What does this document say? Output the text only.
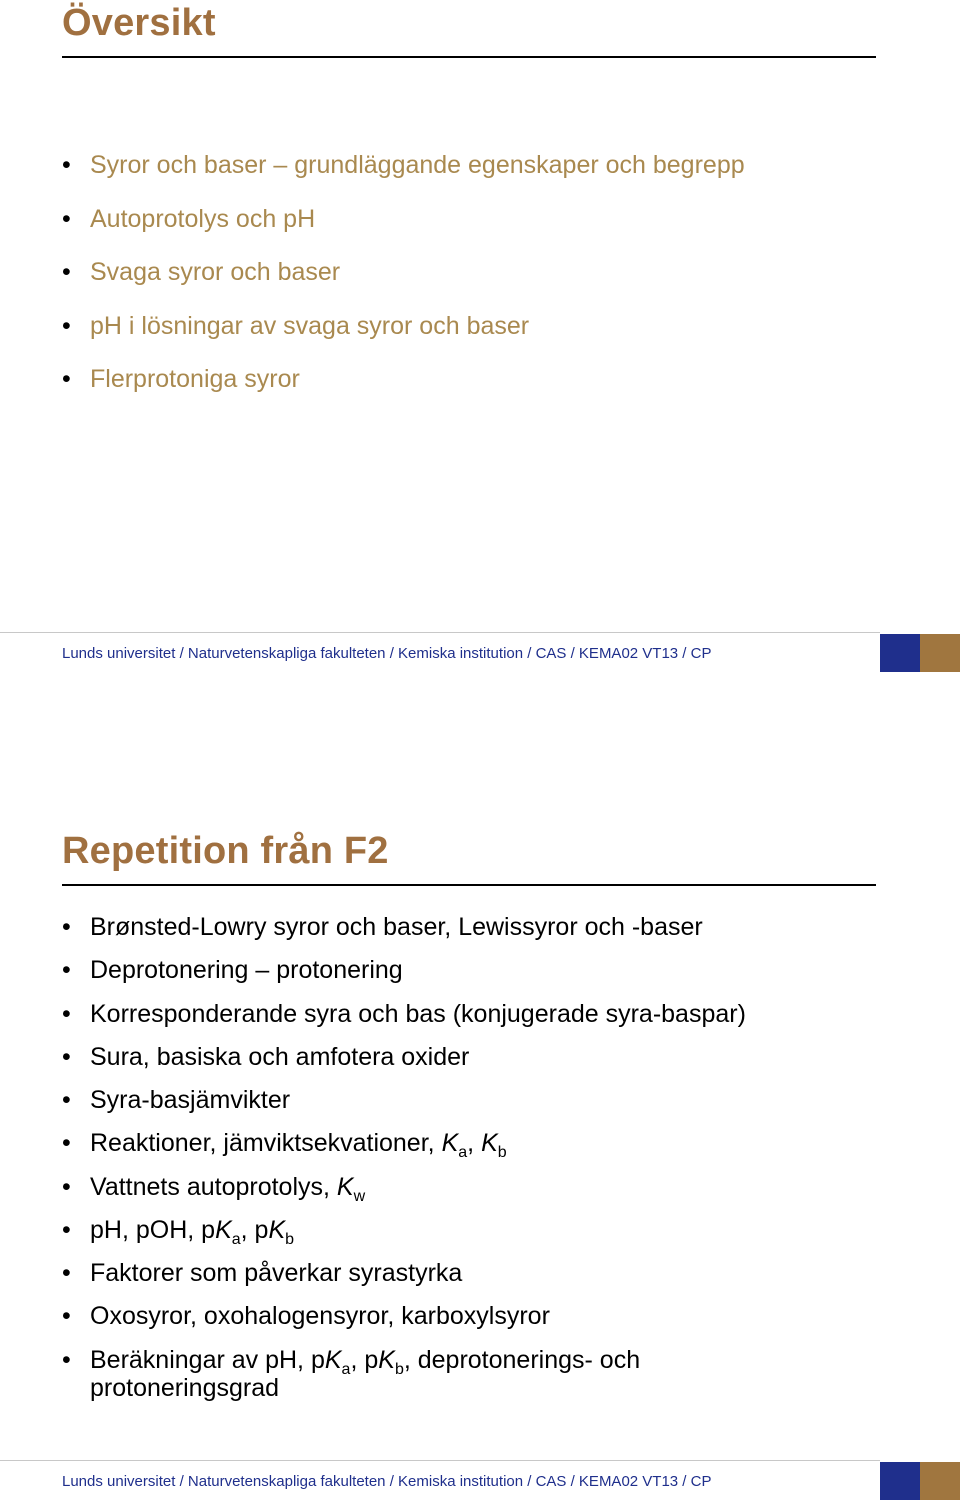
Översikt
• Syror och baser – grundläggande egenskaper och begrepp
• Autoprotolys och pH
• Svaga syror och baser
• pH i lösningar av svaga syror och baser
• Flerprotoniga syror
Lunds universitet / Naturvetenskapliga fakulteten / Kemiska institution / CAS / KEMA02 VT13 / CP
Repetition från F2
• Brønsted-Lowry syror och baser, Lewissyror och -baser
• Deprotonering – protonering
• Korresponderande syra och bas (konjugerade syra-baspar)
• Sura, basiska och amfotera oxider
• Syra-basjämvikter
• Reaktioner, jämviktsekvationer, $K_a$, $K_b$
• Vattnets autoprotolys, $K_w$
• pH, pOH, $pK_a$, $pK_b$
• Faktorer som påverkar syrastyrka
• Oxosyror, oxohalogensyror, karboxylsyror
• Beräkningar av pH, $pK_a$, $pK_b$, deprotonerings- och
protoneringsgrad
Lunds universitet / Naturvetenskapliga fakulteten / Kemiska institution / CAS / KEMA02 VT13 / CP
